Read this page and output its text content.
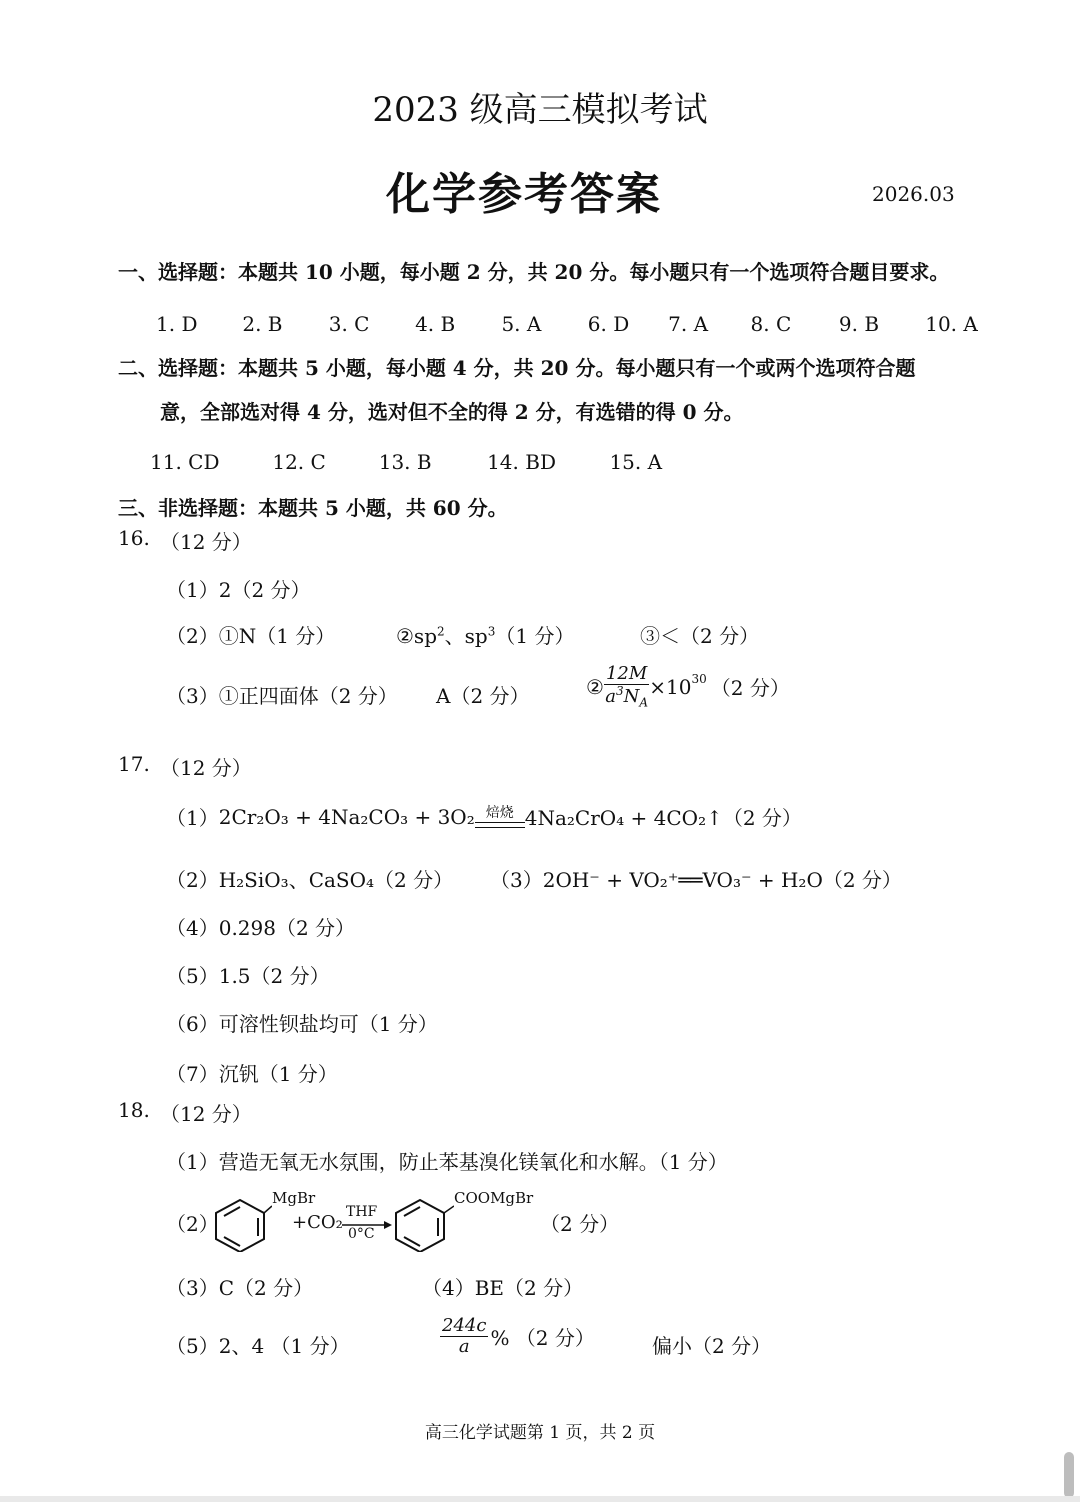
2023 级高三模拟考试
化学参考答案	2026.03
一、选择题：本题共 10 小题，每小题 2 分，共 20 分。每小题只有一个选项符合题目要求。
1. D 2. B 3. C 4. B 5. A 6. D 7. A 8. C 9. B 10. A
二、选择题：本题共 5 小题，每小题 4 分，共 20 分。每小题只有一个或两个选项符合题
意，全部选对得 4 分，选对但不全的得 2 分，有选错的得 0 分。
11. CD	12. C	13. B	14. BD	15. A
三、非选择题：本题共 5 小题，共 60 分。
16. （12 分）
（1）2（2 分）
（2）①N（1 分）	$②sp^2$、$sp^3(1$ 分）	③＜（2 分）
（3）①正四面体（2 分） A（2 分）	② $\frac{12M}{a^3N_A} \times 10^{30}$ （2 分）
17. （12 分）
（1） 2Cr₂O₃ + 4Na₂CO₃ + 3O₂ 焙烧 4Na₂CrO₄ + 4CO₂↑（2 分）
（2）H₂SiO₃、CaSO₄（2 分） （3）2OH⁻ + VO₂⁺══VO₃⁻ + H₂O（2 分）
（4）0.298（2 分）
（5）1.5（2 分）
（6）可溶性钡盐均可（1 分）
（7）沉钒（1 分）
18. （12 分）
（1）营造无氧无水氛围，防止苯基溴化镁氧化和水解。（1 分）
（2）
MgBr
+CO₂ THF
0°C
COOMgBr
（2 分）
（3）C（2 分）	（4）BE（2 分）
（5）2、4 （1 分）	$\frac{244c}{a}$ % （2 分）	偏小（2 分）
高三化学试题第 1 页，共 2 页
